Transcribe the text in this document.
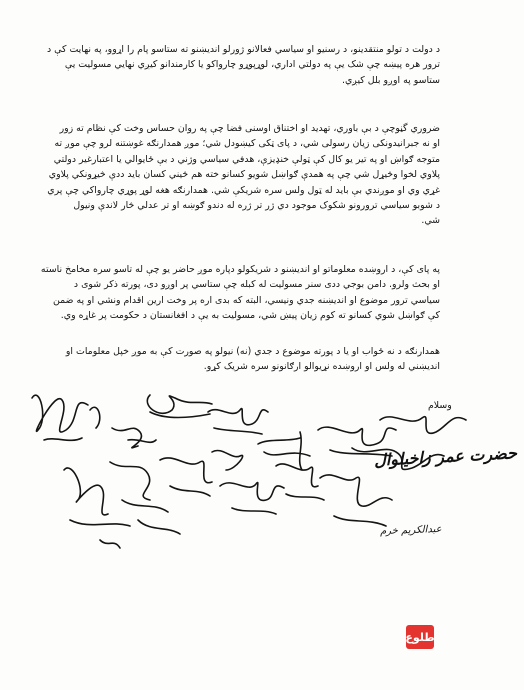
د دولت د تولو منتقدينو، د رسنيو او سياسي فعالانو ژورلو انديښنو ته ستاسو پام را اړوو، په نهايت کې د
ترور هره پيښه چې شک يې په دولتي اداري، لوړپوړو چارواکو يا کارمندانو کيږي نهايي مسوليت يې
ستاسو په اوږو بلل کيږي.
ضروري گڼوچې د بې باوري، تهديد او اختناق اوسنی فضا چې په روان حساس وخت کې نظام ته زور
او نه جبرانيدونکی زيان رسولی شي، د پای ټکی کيښودل شي؛ موږ همدارنګه غوښتنه لرو چې موږ ته
متوجه ګواښ او په تير يو کال کې ټولې خنډيزې، هدفي سياسي وژني د بې ځايوالي يا اعتبارغير دولتي
پلاوي لخوا وڅيړل شي چې په همدې ګواښل شويو کسانو خته هم څيني کسان بايد ددې څيړونکي پلاوي
غړي وي او موږندي بې بايد له ټول ولس سره شريکې شي. همدارنګه هغه لوړ پوړي چارواکي چې پري
د شوبو سياسي ترورونو شکوک موجود دي ژر تر ژره له دندو ګوښه او تر عدلي څار لاندې ونيول
شي.
په پای کې، د اروښده معلوماتو او انديښنو د شريکولو دپاره موږ حاضر يو چې له تاسو سره مخامخ ناسته
او بحث ولرو. دامن بوجي ددی سنر مسوليت له کبله چې ستاسي پر اوږو دی، پورته ذکر شوی د
سياسي ترور موضوع او انديښنه جدي ونيسي، البته که بدی اره پر وخت ارين اقدام ونشي او په ضمن
کې ګواښل شوي کسانو ته کوم زيان پيښ شي، مسوليت به يې د افغانستان د حکومت پر غاړه وي.
همدارنګه د نه ځواب او يا د پورته موضوع د جدي (نه) نيولو په صورت کې به موږ خپل معلومات او
انديښني له ولس او اروښده نړيوالو ارګانونو سره شريک کړو.
وسلام
حضرت عمر زاخيلوال
عبدالکریم خرم
طلوع
